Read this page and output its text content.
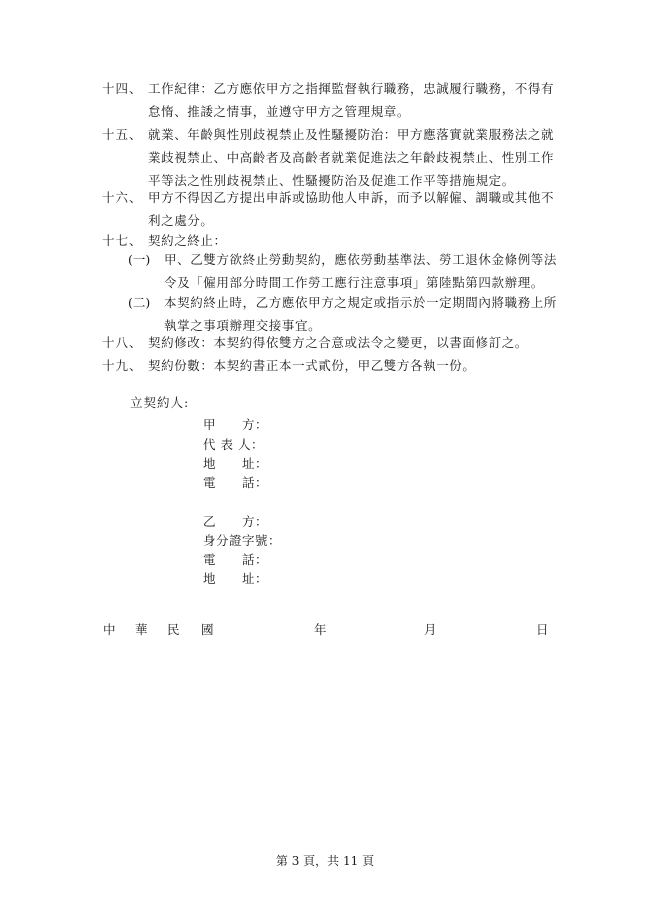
十四、 工作紀律：乙方應依甲方之指揮監督執行職務，忠誠履行職務，不得有
怠惰、推諉之情事，並遵守甲方之管理規章。
十五、 就業、年齡與性別歧視禁止及性騷擾防治：甲方應落實就業服務法之就
業歧視禁止、中高齡者及高齡者就業促進法之年齡歧視禁止、性別工作
平等法之性別歧視禁止、性騷擾防治及促進工作平等措施規定。
十六、 甲方不得因乙方提出申訴或協助他人申訴，而予以解僱、調職或其他不
利之處分。
十七、 契約之終止：
(一)	甲、乙雙方欲終止勞動契約，應依勞動基準法、勞工退休金條例等法
令及「僱用部分時間工作勞工應行注意事項」第陸點第四款辦理。
(二)	本契約終止時，乙方應依甲方之規定或指示於一定期間內將職務上所
執掌之事項辦理交接事宜。
十八、 契約修改：本契約得依雙方之合意或法令之變更，以書面修訂之。
十九、 契約份數：本契約書正本一式貳份，甲乙雙方各執一份。
立契約人:
甲　　方：
代 表 人：
地　　址：
電　　話：
乙　　方：
身分證字號：
電　　話：
地　　址：
中 華 民 國	年	月	日
第 3 頁，共 11 頁
